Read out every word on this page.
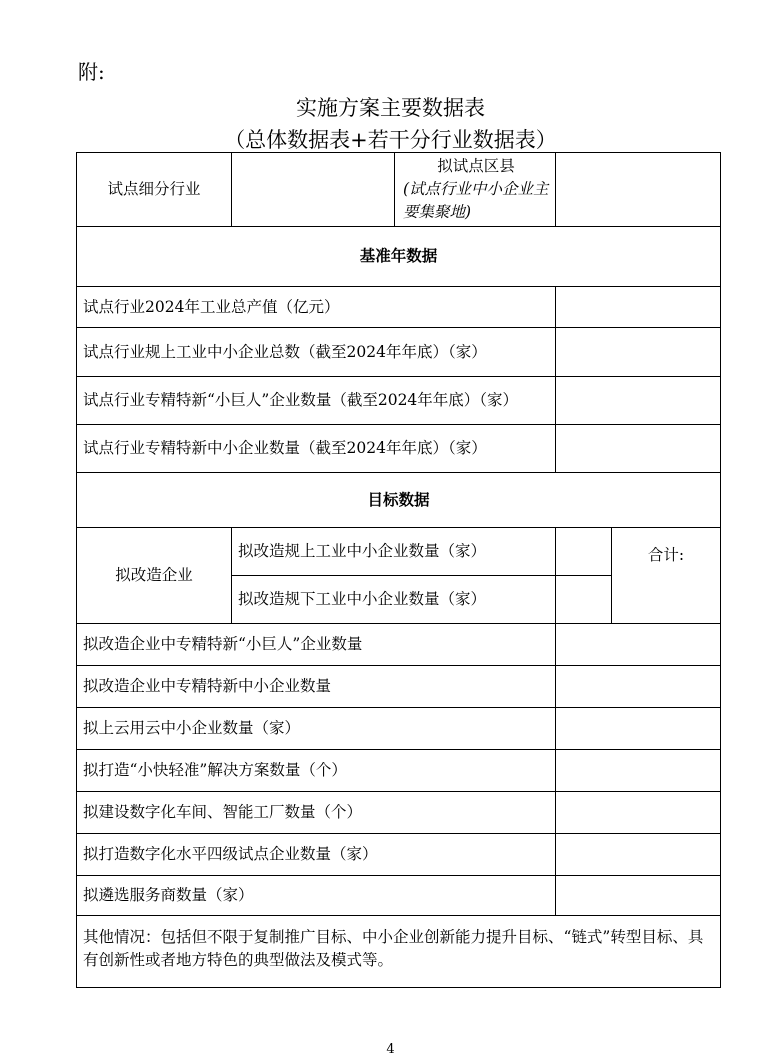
附:
实施方案主要数据表
（总体数据表+若干分行业数据表）
试点细分行业		拟试点区县
(试点行业中小企业主要集聚地)		

基准年数据				
试点行业2024年工业总产值（亿元）				
试点行业规上工业中小企业总数（截至2024年年底）（家）				
试点行业专精特新“小巨人”企业数量（截至2024年年底）（家）				
试点行业专精特新中小企业数量（截至2024年年底）（家）				
目标数据				
拟改造企业	拟改造规上工业中小企业数量（家）			合计:
	拟改造规下工业中小企业数量（家）			
拟改造企业中专精特新“小巨人”企业数量				
拟改造企业中专精特新中小企业数量				
拟上云用云中小企业数量（家）				
拟打造“小快轻准”解决方案数量（个）				
拟建设数字化车间、智能工厂数量（个）				
拟打造数字化水平四级试点企业数量（家）				
拟遴选服务商数量（家）				
其他情况：包括但不限于复制推广目标、中小企业创新能力提升目标、“链式”转型目标、具有创新性或者地方特色的典型做法及模式等。				
4
